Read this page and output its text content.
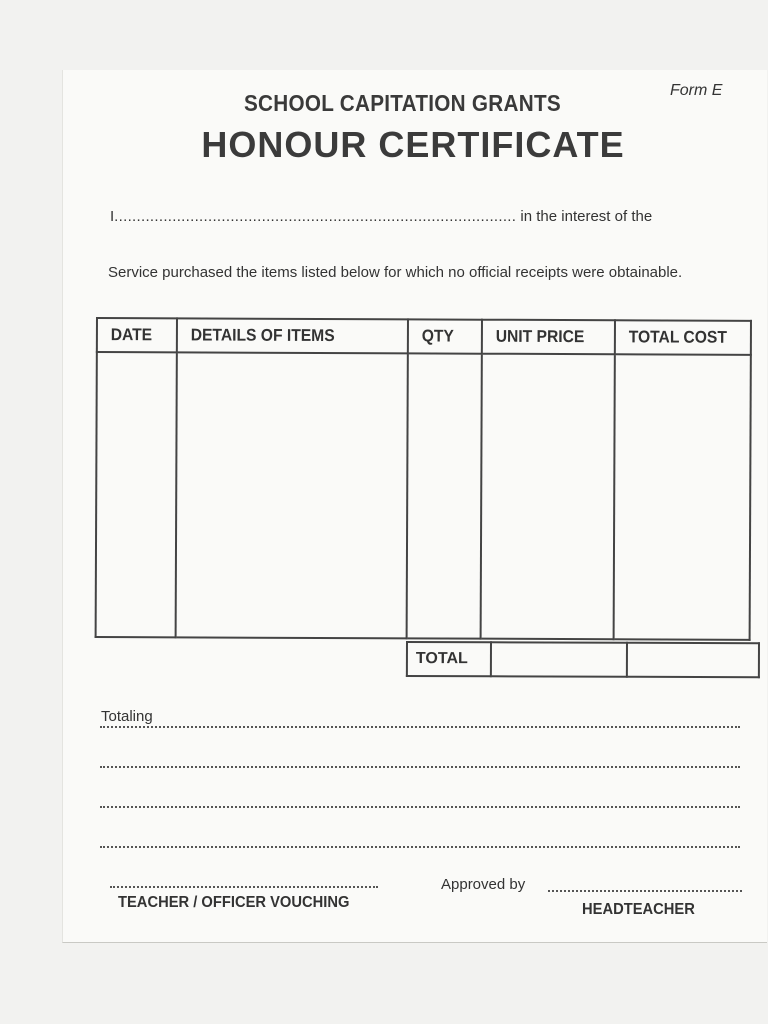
Form E
SCHOOL CAPITATION GRANTS
HONOUR CERTIFICATE
I.......................................................................................... in the interest of the
Service purchased the items listed below for which no official receipts were obtainable.
DATE	DETAILS OF ITEMS	QTY	UNIT PRICE	TOTAL COST

TOTAL		
Totaling
TEACHER / OFFICER VOUCHING
Approved by
HEADTEACHER
